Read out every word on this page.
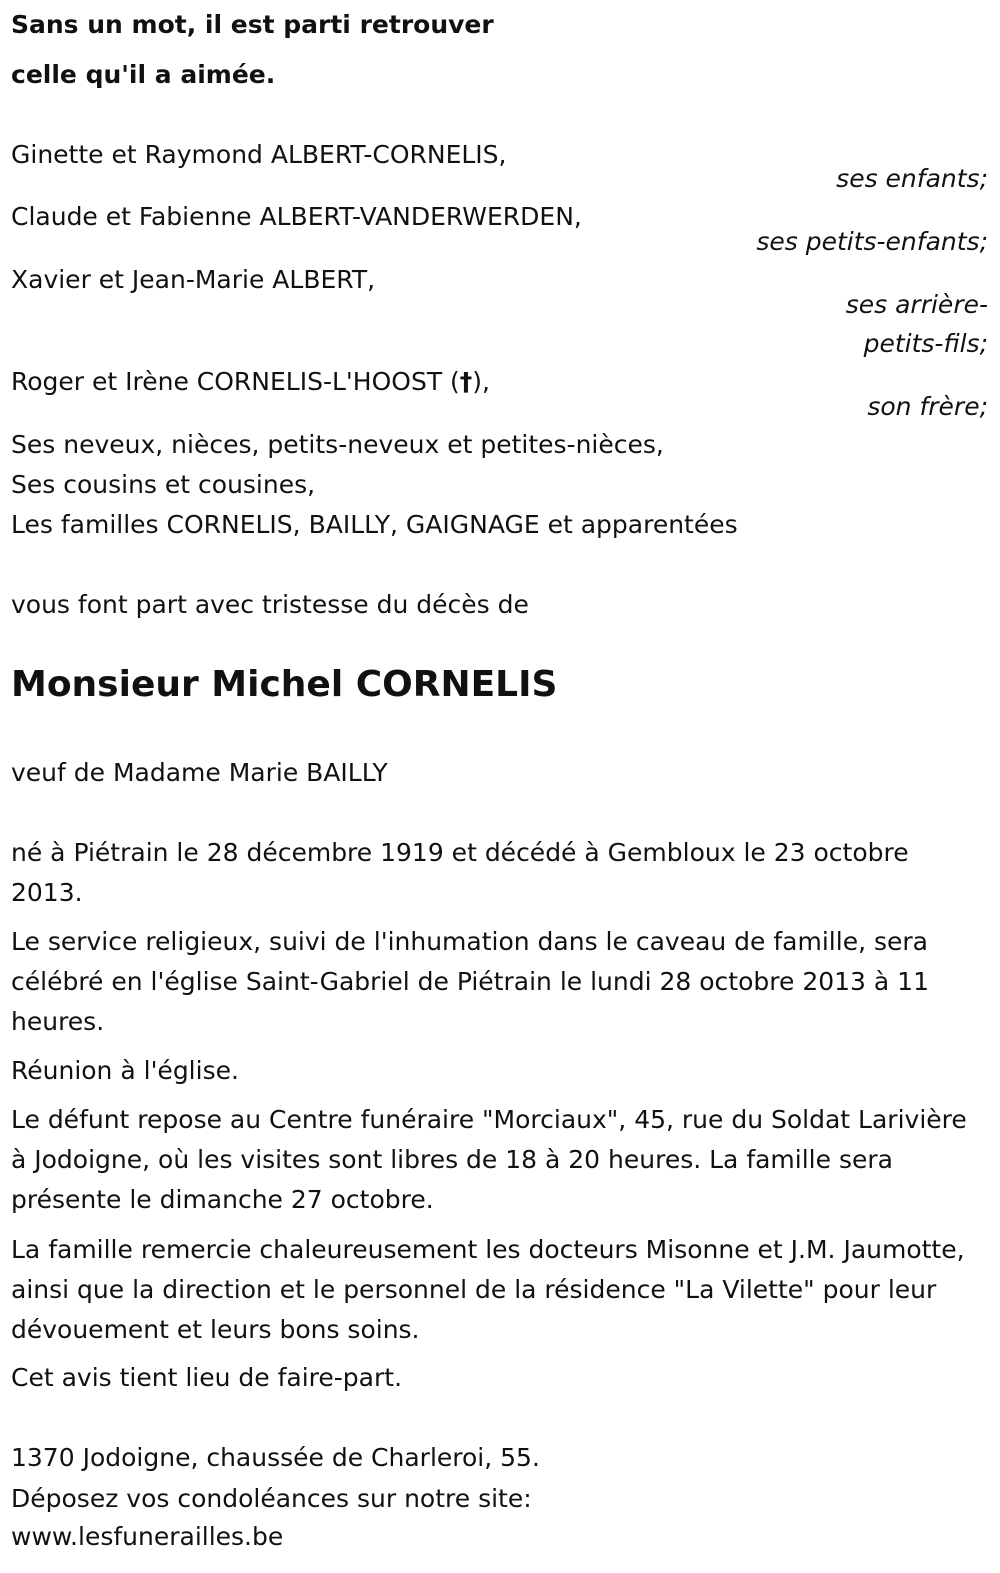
Sans un mot, il est parti retrouver
celle qu'il a aimée.
Ginette et Raymond ALBERT-CORNELIS,
ses enfants;
Claude et Fabienne ALBERT-VANDERWERDEN,
ses petits-enfants;
Xavier et Jean-Marie ALBERT,
ses arrière-
petits-fils;
Roger et Irène CORNELIS-L'HOOST (†),
son frère;
Ses neveux, nièces, petits-neveux et petites-nièces,
Ses cousins et cousines,
Les familles CORNELIS, BAILLY, GAIGNAGE et apparentées
vous font part avec tristesse du décès de
Monsieur Michel CORNELIS
veuf de Madame Marie BAILLY
né à Piétrain le 28 décembre 1919 et décédé à Gembloux le 23 octobre 2013.
Le service religieux, suivi de l'inhumation dans le caveau de famille, sera célébré en l'église Saint-Gabriel de Piétrain le lundi 28 octobre 2013 à 11 heures.
Réunion à l'église.
Le défunt repose au Centre funéraire "Morciaux", 45, rue du Soldat Larivière à Jodoigne, où les visites sont libres de 18 à 20 heures. La famille sera présente le dimanche 27 octobre.
La famille remercie chaleureusement les docteurs Misonne et J.M. Jaumotte, ainsi que la direction et le personnel de la résidence "La Vilette" pour leur dévouement et leurs bons soins.
Cet avis tient lieu de faire-part.
1370 Jodoigne, chaussée de Charleroi, 55.
Déposez vos condoléances sur notre site:
www.lesfunerailles.be
